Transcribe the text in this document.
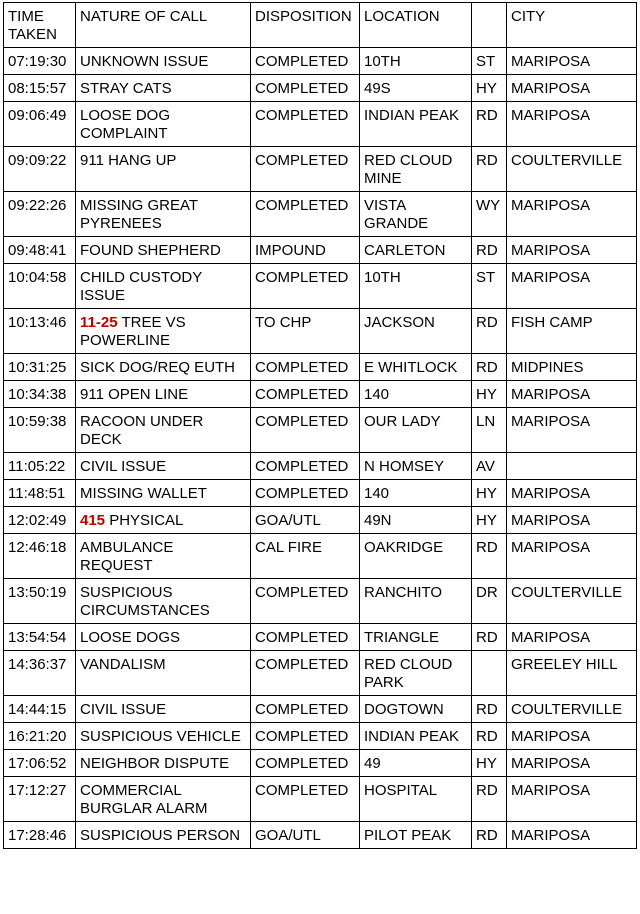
TIME TAKEN	NATURE OF CALL	DISPOSITION	LOCATION		CITY
07:19:30	UNKNOWN ISSUE	COMPLETED	10TH	ST	MARIPOSA
08:15:57	STRAY CATS	COMPLETED	49S	HY	MARIPOSA
09:06:49	LOOSE DOG COMPLAINT	COMPLETED	INDIAN PEAK	RD	MARIPOSA
09:09:22	911 HANG UP	COMPLETED	RED CLOUD MINE	RD	COULTERVILLE
09:22:26	MISSING GREAT PYRENEES	COMPLETED	VISTA GRANDE	WY	MARIPOSA
09:48:41	FOUND SHEPHERD	IMPOUND	CARLETON	RD	MARIPOSA
10:04:58	CHILD CUSTODY ISSUE	COMPLETED	10TH	ST	MARIPOSA
10:13:46	11-25 TREE VS POWERLINE	TO CHP	JACKSON	RD	FISH CAMP
10:31:25	SICK DOG/REQ EUTH	COMPLETED	E WHITLOCK	RD	MIDPINES
10:34:38	911 OPEN LINE	COMPLETED	140	HY	MARIPOSA
10:59:38	RACOON UNDER DECK	COMPLETED	OUR LADY	LN	MARIPOSA
11:05:22	CIVIL ISSUE	COMPLETED	N HOMSEY	AV	
11:48:51	MISSING WALLET	COMPLETED	140	HY	MARIPOSA
12:02:49	415 PHYSICAL	GOA/UTL	49N	HY	MARIPOSA
12:46:18	AMBULANCE REQUEST	CAL FIRE	OAKRIDGE	RD	MARIPOSA
13:50:19	SUSPICIOUS CIRCUMSTANCES	COMPLETED	RANCHITO	DR	COULTERVILLE
13:54:54	LOOSE DOGS	COMPLETED	TRIANGLE	RD	MARIPOSA
14:36:37	VANDALISM	COMPLETED	RED CLOUD PARK		GREELEY HILL
14:44:15	CIVIL ISSUE	COMPLETED	DOGTOWN	RD	COULTERVILLE
16:21:20	SUSPICIOUS VEHICLE	COMPLETED	INDIAN PEAK	RD	MARIPOSA
17:06:52	NEIGHBOR DISPUTE	COMPLETED	49	HY	MARIPOSA
17:12:27	COMMERCIAL BURGLAR ALARM	COMPLETED	HOSPITAL	RD	MARIPOSA
17:28:46	SUSPICIOUS PERSON	GOA/UTL	PILOT PEAK	RD	MARIPOSA
